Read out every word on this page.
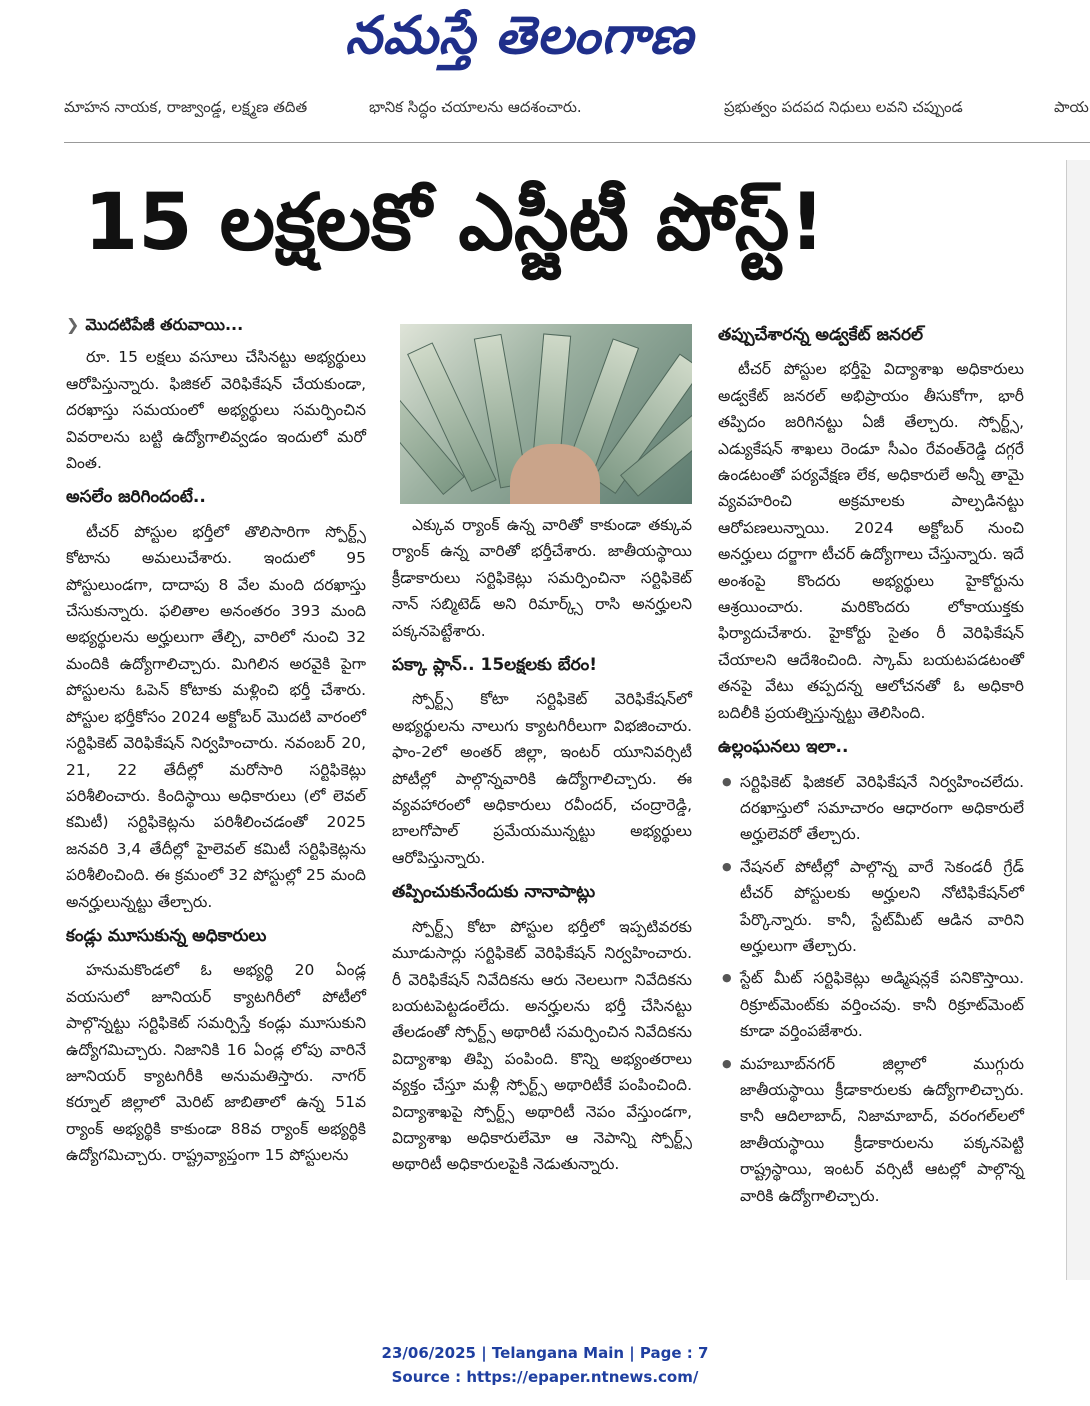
నమస్తే తెలంగాణ
మాహన నాయక, రాజ్వాండ్డ, లక్ష్మణ తదిత	భానిక సిద్ధం చయాలను ఆదశంచారు.	ప్రభుత్వం పదపద నిధులు లవని చప్పుండ	పాయ
15 లక్షలకో ఎస్జీటీ పోస్ట్!
❯ మొదటిపేజీ తరువాయి...

రూ. 15 లక్షలు వసూలు చేసినట్టు అభ్యర్థులు ఆరోపిస్తున్నారు. ఫిజికల్ వెరిఫికేషన్ చేయకుండా, దరఖాస్తు సమయంలో అభ్యర్థులు సమర్పించిన వివరాలను బట్టి ఉద్యోగాలివ్వడం ఇందులో మరో వింత.

అసలేం జరిగిందంటే..

టీచర్ పోస్టుల భర్తీలో తొలిసారిగా స్పోర్ట్స్ కోటాను అమలుచేశారు. ఇందులో 95 పోస్టులుండగా, దాదాపు 8 వేల మంది దరఖాస్తు చేసుకున్నారు. ఫలితాల అనంతరం 393 మంది అభ్యర్థులను అర్హులుగా తేల్చి, వారిలో నుంచి 32 మందికి ఉద్యోగాలిచ్చారు. మిగిలిన అరవైకి పైగా పోస్టులను ఓపెన్ కోటాకు మళ్లించి భర్తీ చేశారు. పోస్టుల భర్తీకోసం 2024 అక్టోబర్ మొదటి వారంలో సర్టిఫికెట్ వెరిఫికేషన్ నిర్వహించారు. నవంబర్ 20, 21, 22 తేదీల్లో మరోసారి సర్టిఫికెట్లు పరిశీలించారు. కిందిస్థాయి అధికారులు (లో లెవల్ కమిటీ) సర్టిఫికెట్లను పరిశీలించడంతో 2025 జనవరి 3,4 తేదీల్లో హైలెవల్ కమిటీ సర్టిఫికెట్లను పరిశీలించింది. ఈ క్రమంలో 32 పోస్టుల్లో 25 మంది అనర్హులున్నట్టు తేల్చారు.

కండ్లు మూసుకున్న అధికారులు

హనుమకొండలో ఓ అభ్యర్థి 20 ఏండ్ల వయసులో జూనియర్ క్యాటగిరీలో పోటీలో పాల్గొన్నట్టు సర్టిఫికెట్ సమర్పిస్తే కండ్లు మూసుకుని ఉద్యోగమిచ్చారు. నిజానికి 16 ఏండ్ల లోపు వారినే జూనియర్ క్యాటగిరీకి అనుమతిస్తారు. నాగర్ కర్నూల్ జిల్లాలో మెరిట్ జాబితాలో ఉన్న 51వ ర్యాంక్ అభ్యర్థికి కాకుండా 88వ ర్యాంక్ అభ్యర్థికి ఉద్యోగమిచ్చారు. రాష్ట్రవ్యాప్తంగా 15 పోస్టులను

ఎక్కువ ర్యాంక్ ఉన్న వారితో కాకుండా తక్కువ ర్యాంక్ ఉన్న వారితో భర్తీచేశారు. జాతీయస్థాయి క్రీడాకారులు సర్టిఫికెట్లు సమర్పించినా సర్టిఫికెట్ నాన్ సబ్మిటెడ్ అని రిమార్క్స్ రాసి అనర్హులని పక్కనపెట్టేశారు.

పక్కా ప్లాన్.. 15లక్షలకు బేరం!

స్పోర్ట్స్ కోటా సర్టిఫికెట్ వెరిఫికేషన్‌లో అభ్యర్థులను నాలుగు క్యాటగిరీలుగా విభజించారు. ఫాం-2లో అంతర్ జిల్లా, ఇంటర్ యూనివర్సిటీ పోటీల్లో పాల్గొన్నవారికి ఉద్యోగాలిచ్చారు. ఈ వ్యవహారంలో అధికారులు రవీందర్, చంద్రారెడ్డి, బాలగోపాల్ ప్రమేయమున్నట్టు అభ్యర్థులు ఆరోపిస్తున్నారు.

తప్పించుకునేందుకు నానాపాట్లు

స్పోర్ట్స్ కోటా పోస్టుల భర్తీలో ఇప్పటివరకు మూడుసార్లు సర్టిఫికెట్ వెరిఫికేషన్ నిర్వహించారు. రీ వెరిఫికేషన్ నివేదికను ఆరు నెలలుగా నివేదికను బయటపెట్టడంలేదు. అనర్హులను భర్తీ చేసినట్టు తేలడంతో స్పోర్ట్స్ అథారిటీ సమర్పించిన నివేదికను విద్యాశాఖ తిప్పి పంపింది. కొన్ని అభ్యంతరాలు వ్యక్తం చేస్తూ మళ్లీ స్పోర్ట్స్ అథారిటీకే పంపించింది. విద్యాశాఖపై స్పోర్ట్స్ అథారిటీ నెపం వేస్తుండగా, విద్యాశాఖ అధికారులేమో ఆ నెపాన్ని స్పోర్ట్స్ అథారిటీ అధికారులపైకి నెడుతున్నారు.

తప్పుచేశారన్న అడ్వకేట్ జనరల్

టీచర్ పోస్టుల భర్తీపై విద్యాశాఖ అధికారులు అడ్వకేట్ జనరల్ అభిప్రాయం తీసుకోగా, భారీ తప్పిదం జరిగినట్టు ఏజీ తేల్చారు. స్పోర్ట్స్, ఎడ్యుకేషన్ శాఖలు రెండూ సీఎం రేవంత్‌రెడ్డి దగ్గరే ఉండటంతో పర్యవేక్షణ లేక, అధికారులే అన్నీ తామై వ్యవహరించి అక్రమాలకు పాల్పడినట్టు ఆరోపణలున్నాయి. 2024 అక్టోబర్ నుంచి అనర్హులు దర్జాగా టీచర్ ఉద్యోగాలు చేస్తున్నారు. ఇదే అంశంపై కొందరు అభ్యర్థులు హైకోర్టును ఆశ్రయించారు. మరికొందరు లోకాయుక్తకు ఫిర్యాదుచేశారు. హైకోర్టు సైతం రీ వెరిఫికేషన్ చేయాలని ఆదేశించింది. స్కామ్ బయటపడటంతో తనపై వేటు తప్పదన్న ఆలోచనతో ఓ అధికారి బదిలీకి ప్రయత్నిస్తున్నట్టు తెలిసింది.

ఉల్లంఘనలు ఇలా..
● సర్టిఫికెట్ ఫిజికల్ వెరిఫికేషనే నిర్వహించలేదు. దరఖాస్తులో సమాచారం ఆధారంగా అధికారులే అర్హులెవరో తేల్చారు.
● నేషనల్ పోటీల్లో పాల్గొన్న వారే సెకండరీ గ్రేడ్ టీచర్ పోస్టులకు అర్హులని నోటిఫికేషన్‌లో పేర్కొన్నారు. కానీ, స్టేట్‌మీట్ ఆడిన వారిని అర్హులుగా తేల్చారు.
● స్టేట్ మీట్ సర్టిఫికెట్లు అడ్మిషన్లకే పనికొస్తాయి. రిక్రూట్‌మెంట్‌కు వర్తించవు. కానీ రిక్రూట్‌మెంట్ కూడా వర్తింపజేశారు.
● మహబూబ్‌నగర్ జిల్లాలో ముగ్గురు జాతీయస్థాయి క్రీడాకారులకు ఉద్యోగాలిచ్చారు. కానీ ఆదిలాబాద్, నిజామాబాద్, వరంగల్‌లలో జాతీయస్థాయి క్రీడాకారులను పక్కనపెట్టి రాష్ట్రస్థాయి, ఇంటర్ వర్సిటీ ఆటల్లో పాల్గొన్న వారికి ఉద్యోగాలిచ్చారు.
23/06/2025 | Telangana Main | Page : 7
Source : https://epaper.ntnews.com/
